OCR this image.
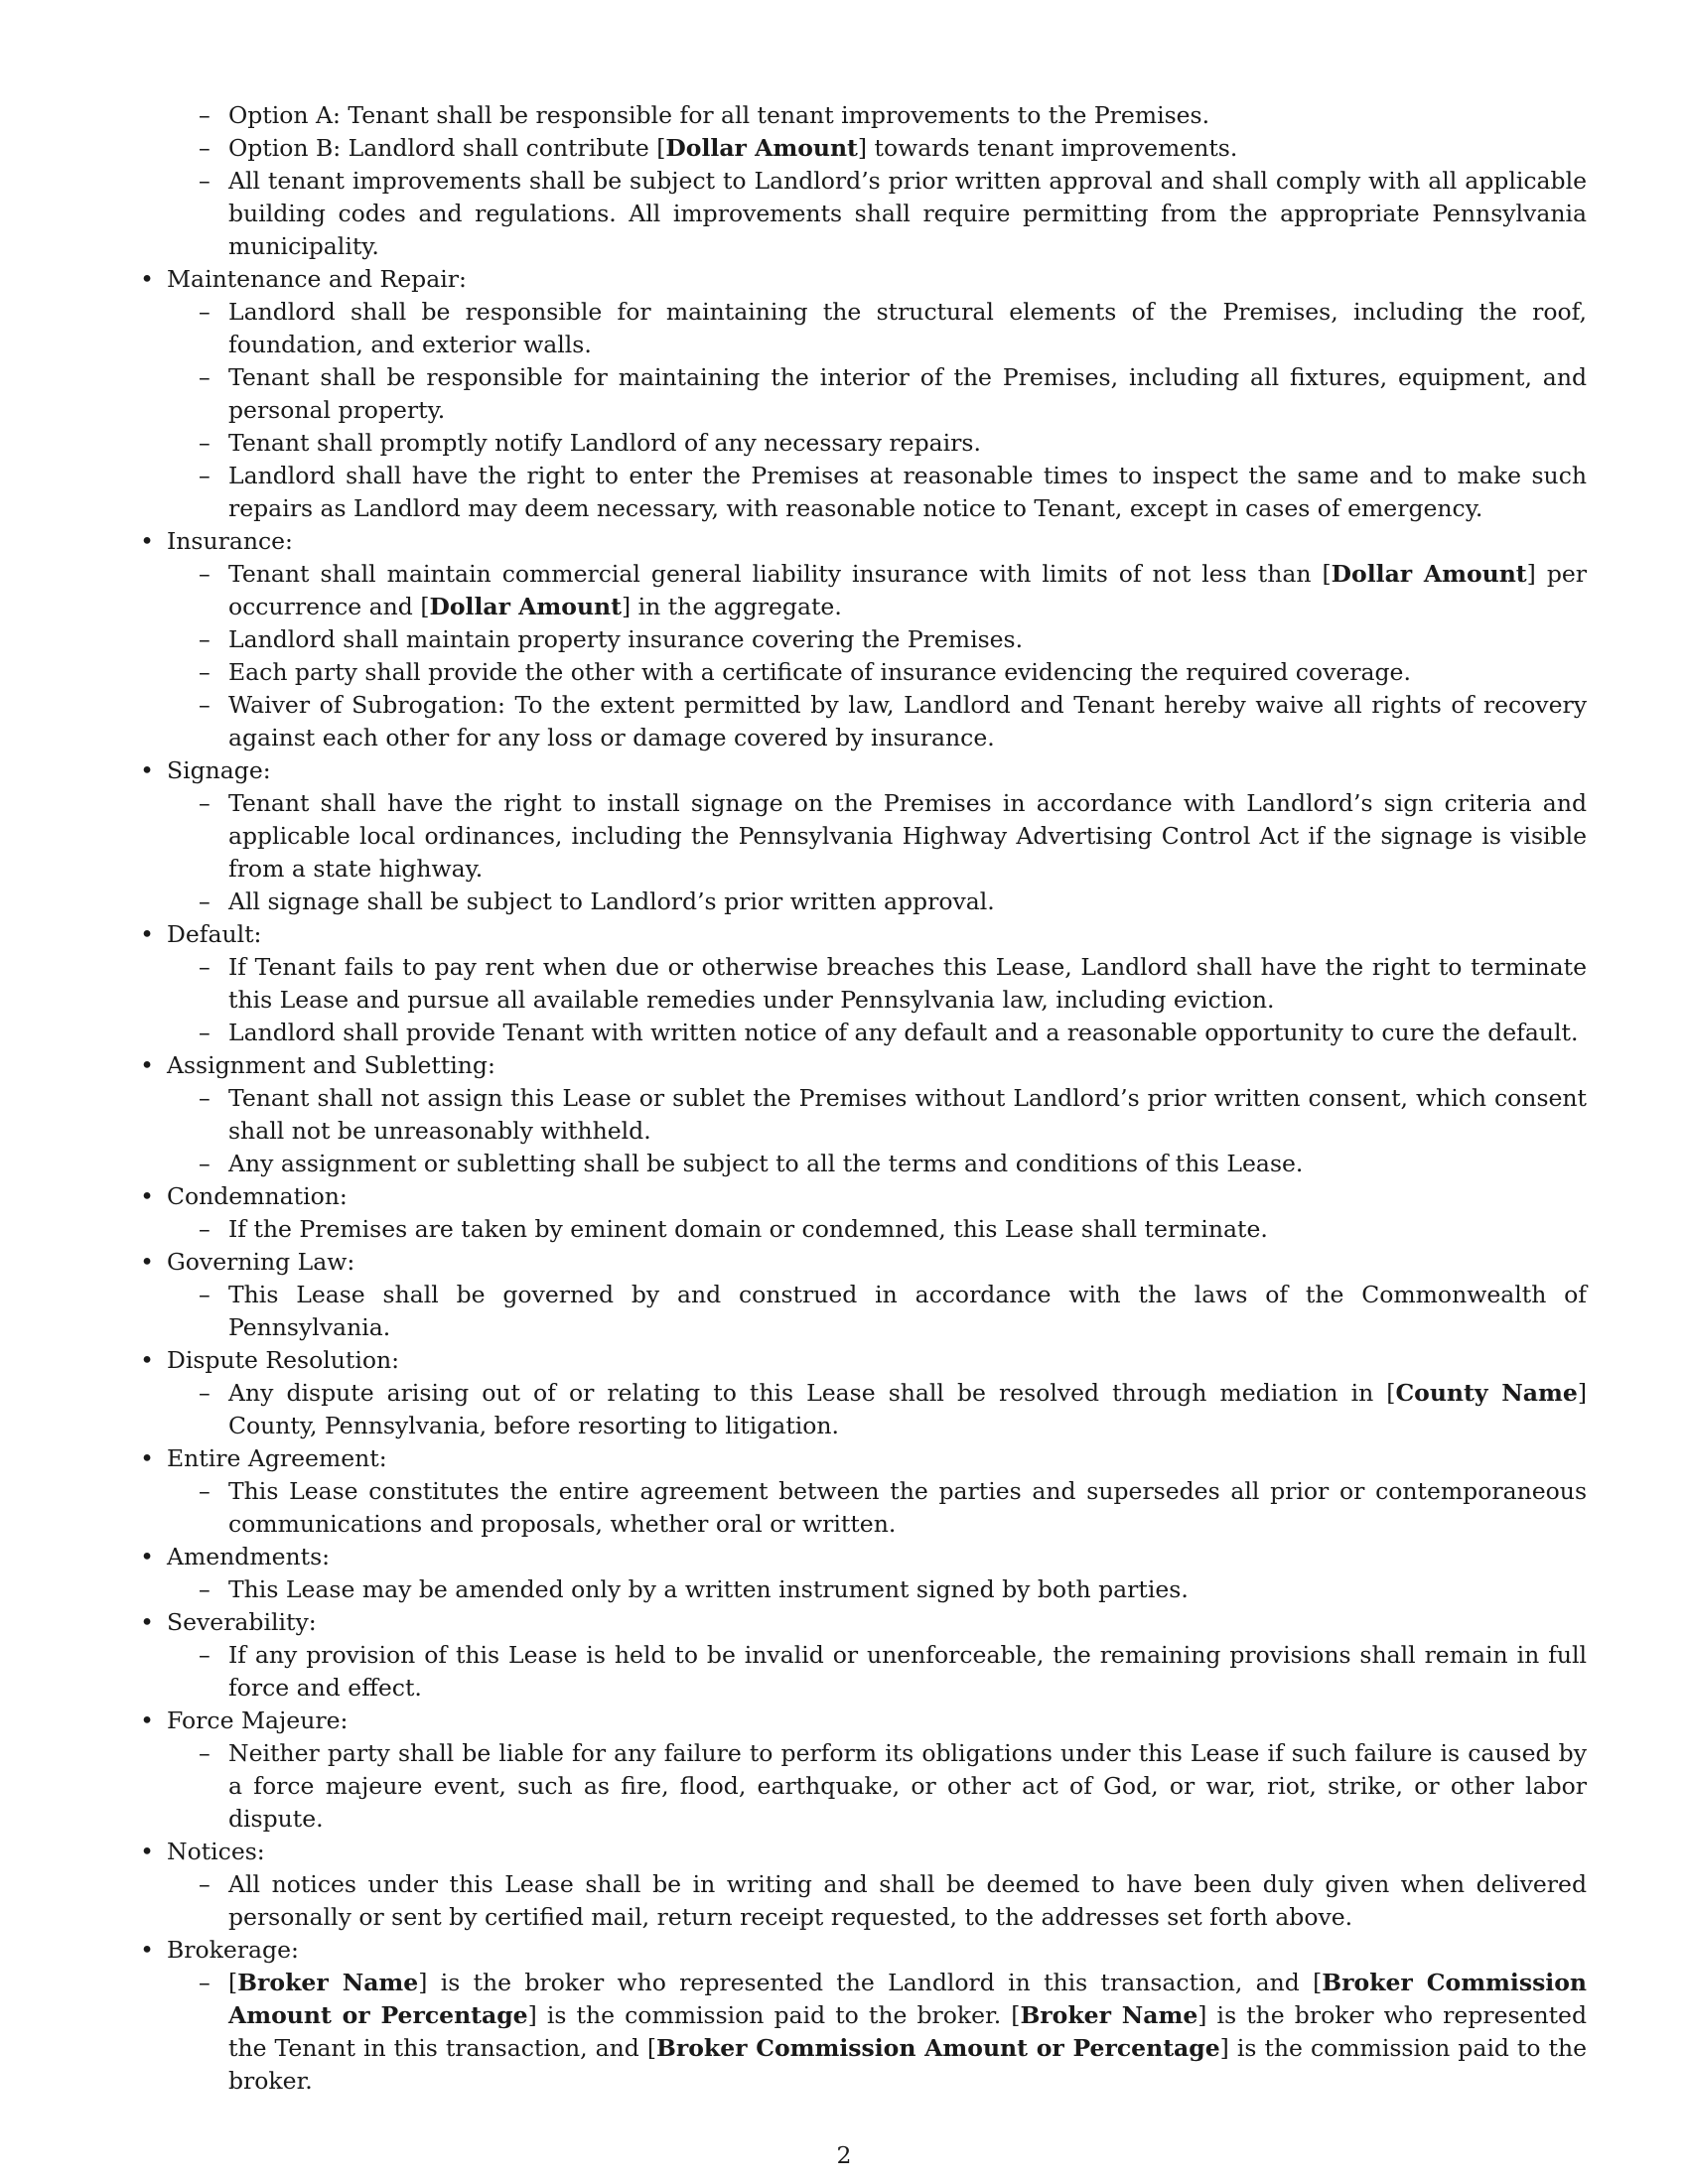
– Option A: Tenant shall be responsible for all tenant improvements to the Premises.
– Option B: Landlord shall contribute [Dollar Amount] towards tenant improvements.
– All tenant improvements shall be subject to Landlord’s prior written approval and shall comply with all applicable building codes and regulations. All improvements shall require permitting from the appropriate Pennsylvania municipality.
• Maintenance and Repair:
– Landlord shall be responsible for maintaining the structural elements of the Premises, including the roof, foundation, and exterior walls.
– Tenant shall be responsible for maintaining the interior of the Premises, including all fixtures, equipment, and personal property.
– Tenant shall promptly notify Landlord of any necessary repairs.
– Landlord shall have the right to enter the Premises at reasonable times to inspect the same and to make such repairs as Landlord may deem necessary, with reasonable notice to Tenant, except in cases of emergency.
• Insurance:
– Tenant shall maintain commercial general liability insurance with limits of not less than [Dollar Amount] per occurrence and [Dollar Amount] in the aggregate.
– Landlord shall maintain property insurance covering the Premises.
– Each party shall provide the other with a certificate of insurance evidencing the required coverage.
– Waiver of Subrogation: To the extent permitted by law, Landlord and Tenant hereby waive all rights of recovery against each other for any loss or damage covered by insurance.
• Signage:
– Tenant shall have the right to install signage on the Premises in accordance with Landlord’s sign criteria and applicable local ordinances, including the Pennsylvania Highway Advertising Control Act if the signage is visible from a state highway.
– All signage shall be subject to Landlord’s prior written approval.
• Default:
– If Tenant fails to pay rent when due or otherwise breaches this Lease, Landlord shall have the right to terminate this Lease and pursue all available remedies under Pennsylvania law, including eviction.
– Landlord shall provide Tenant with written notice of any default and a reasonable opportunity to cure the default.
• Assignment and Subletting:
– Tenant shall not assign this Lease or sublet the Premises without Landlord’s prior written consent, which consent shall not be unreasonably withheld.
– Any assignment or subletting shall be subject to all the terms and conditions of this Lease.
• Condemnation:
– If the Premises are taken by eminent domain or condemned, this Lease shall terminate.
• Governing Law:
– This Lease shall be governed by and construed in accordance with the laws of the Commonwealth of Pennsylvania.
• Dispute Resolution:
– Any dispute arising out of or relating to this Lease shall be resolved through mediation in [County Name] County, Pennsylvania, before resorting to litigation.
• Entire Agreement:
– This Lease constitutes the entire agreement between the parties and supersedes all prior or contemporaneous communications and proposals, whether oral or written.
• Amendments:
– This Lease may be amended only by a written instrument signed by both parties.
• Severability:
– If any provision of this Lease is held to be invalid or unenforceable, the remaining provisions shall remain in full force and effect.
• Force Majeure:
– Neither party shall be liable for any failure to perform its obligations under this Lease if such failure is caused by a force majeure event, such as fire, flood, earthquake, or other act of God, or war, riot, strike, or other labor dispute.
• Notices:
– All notices under this Lease shall be in writing and shall be deemed to have been duly given when delivered personally or sent by certified mail, return receipt requested, to the addresses set forth above.
• Brokerage:
– [Broker Name] is the broker who represented the Landlord in this transaction, and [Broker Commission Amount or Percentage] is the commission paid to the broker. [Broker Name] is the broker who represented the Tenant in this transaction, and [Broker Commission Amount or Percentage] is the commission paid to the broker.
2
